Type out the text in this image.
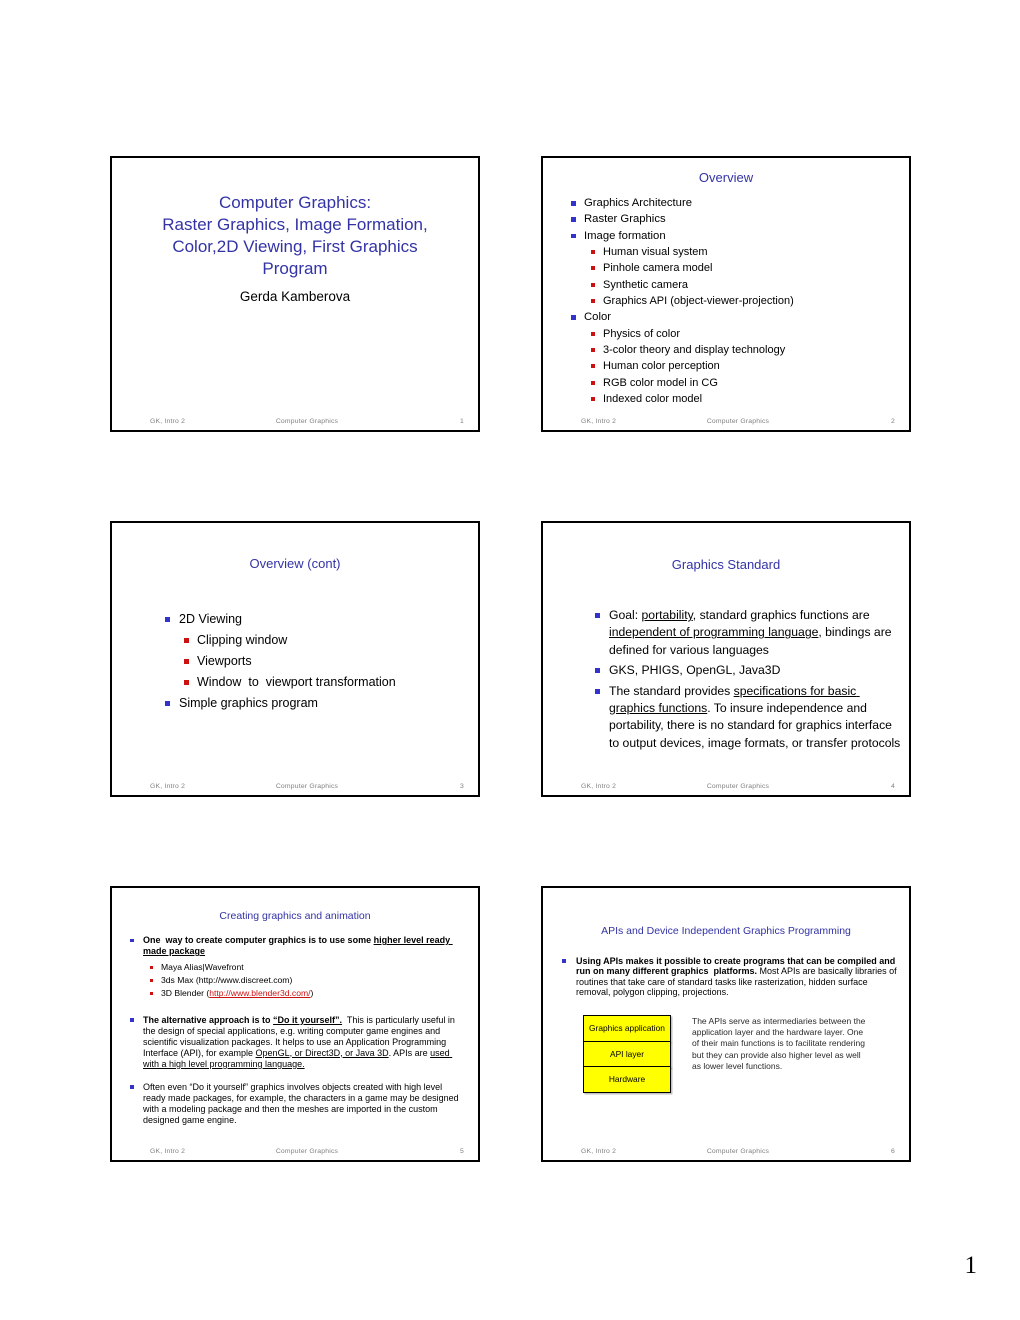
Computer Graphics:
Raster Graphics, Image Formation,
Color,2D Viewing, First Graphics
Program
Gerda Kamberova
GK, Intro 2	Computer Graphics	1
Overview
Graphics Architecture
Raster Graphics
Image formation
Human visual system
Pinhole camera model
Synthetic camera
Graphics API (object-viewer-projection)
Color
Physics of color
3-color theory and display technology
Human color perception
RGB color model in CG
Indexed color model
GK, Intro 2	Computer Graphics	2
Overview (cont)
2D Viewing
Clipping window
Viewports
Window  to  viewport transformation
Simple graphics program
GK, Intro 2	Computer Graphics	3
Graphics Standard
Goal: portability, standard graphics functions are independent of programming language, bindings are defined for various languages
GKS, PHIGS, OpenGL, Java3D
The standard provides specifications for basic graphics functions. To insure independence and portability, there is no standard for graphics interface to output devices, image formats, or transfer protocols
GK, Intro 2	Computer Graphics	4
Creating graphics and animation
One  way to create computer graphics is to use some higher level ready made package
Maya Alias|Wavefront
3ds Max (http://www.discreet.com)
3D Blender (http://www.blender3d.com/)
The alternative approach is to “Do it yourself”.  This is particularly useful in the design of special applications, e.g. writing computer game engines and scientific visualization packages. It helps to use an Application Programming Interface (API), for example OpenGL, or Direct3D, or Java 3D. APIs are used with a high level programming language.
Often even “Do it yourself” graphics involves objects created with high level ready made packages, for example, the characters in a game may be designed with a modeling package and then the meshes are imported in the custom designed game engine.
GK, Intro 2	Computer Graphics	5
APIs and Device Independent Graphics Programming
Using APIs makes it possible to create programs that can be compiled and run on many different graphics  platforms. Most APIs are basically libraries of routines that take care of standard tasks like rasterization, hidden surface removal, polygon clipping, projections.
Graphics application
API layer
Hardware
The APIs serve as intermediaries between the application layer and the hardware layer. One of their main functions is to facilitate rendering but they can provide also higher level as well as lower level functions.
GK, Intro 2	Computer Graphics	6
1
